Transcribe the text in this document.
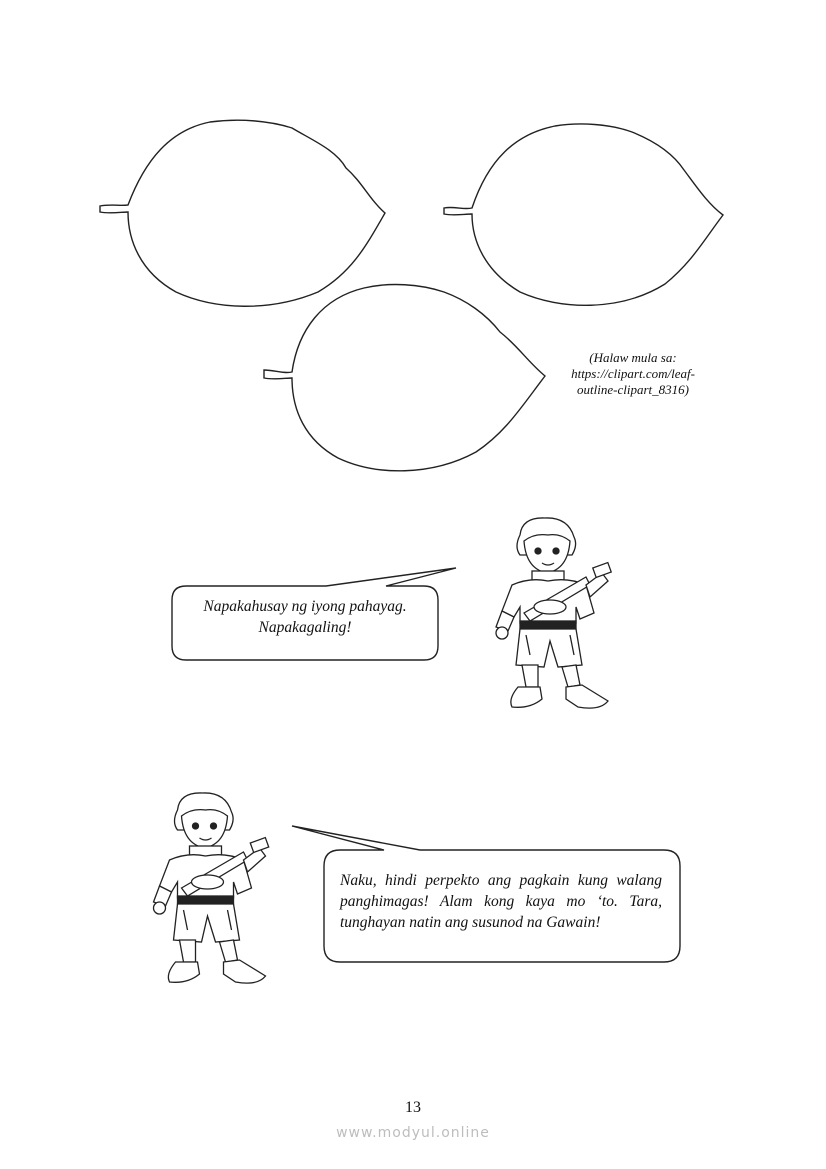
(Halaw mula sa:
https://clipart.com/leaf-
outline-clipart_8316)
Napakahusay ng iyong pahayag.
Napakagaling!
Naku, hindi perpekto ang pagkain kung walang panghimagas! Alam kong kaya mo ‘to. Tara, tunghayan natin ang susunod na Gawain!
13
www.modyul.online
